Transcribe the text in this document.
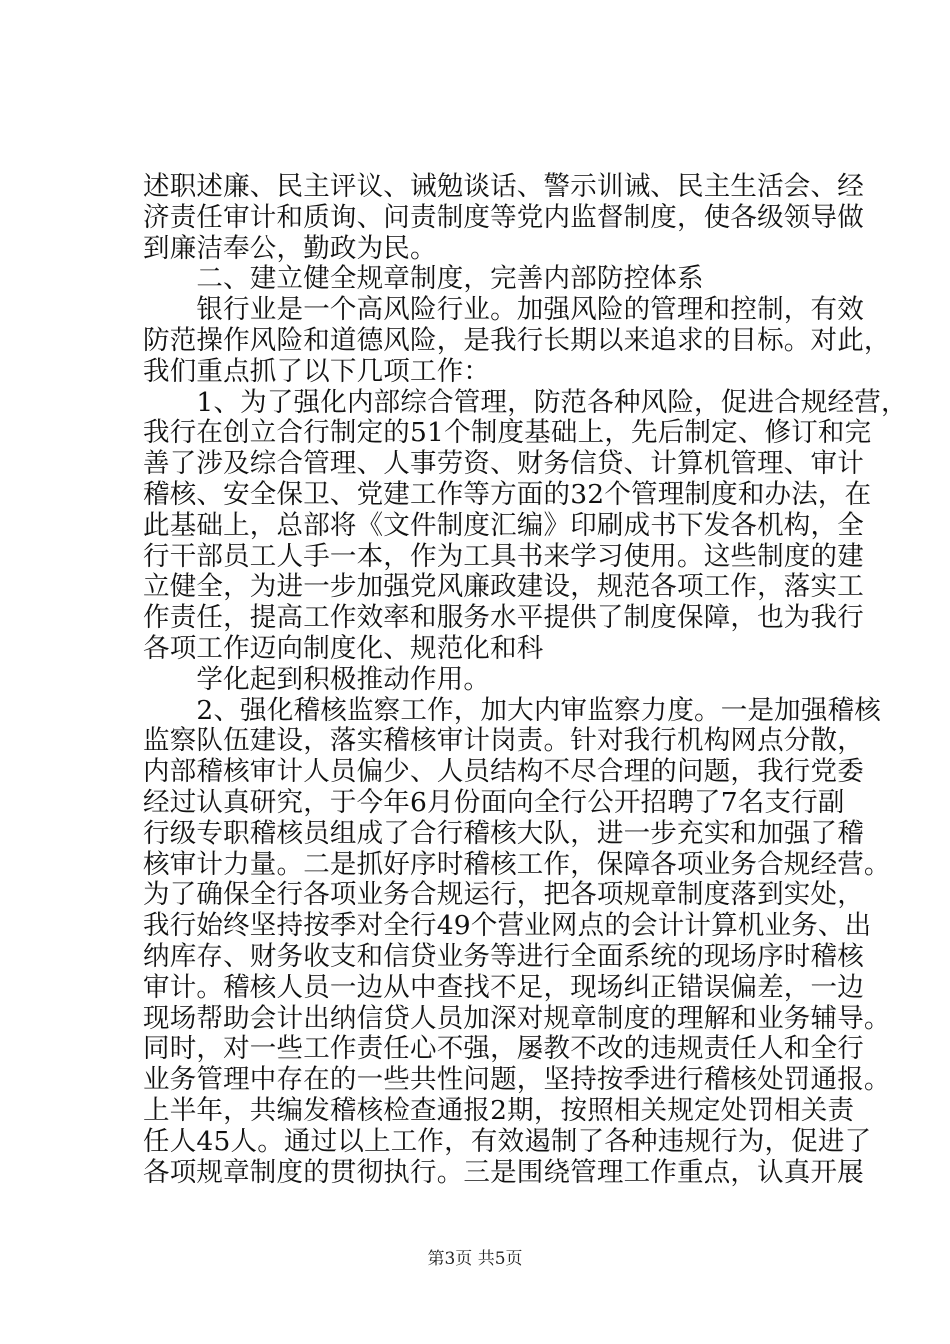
述职述廉、民主评议、诫勉谈话、警示训诫、民主生活会、经
济责任审计和质询、问责制度等党内监督制度，使各级领导做
到廉洁奉公，勤政为民。
　　二、建立健全规章制度，完善内部防控体系
　　银行业是一个高风险行业。加强风险的管理和控制，有效
防范操作风险和道德风险，是我行长期以来追求的目标。对此，
我们重点抓了以下几项工作：
　　1、为了强化内部综合管理，防范各种风险，促进合规经营，
我行在创立合行制定的51个制度基础上，先后制定、修订和完
善了涉及综合管理、人事劳资、财务信贷、计算机管理、审计
稽核、安全保卫、党建工作等方面的32个管理制度和办法，在
此基础上，总部将《文件制度汇编》印刷成书下发各机构，全
行干部员工人手一本，作为工具书来学习使用。这些制度的建
立健全，为进一步加强党风廉政建设，规范各项工作，落实工
作责任，提高工作效率和服务水平提供了制度保障，也为我行
各项工作迈向制度化、规范化和科
　　学化起到积极推动作用。
　　2、强化稽核监察工作，加大内审监察力度。一是加强稽核
监察队伍建设，落实稽核审计岗责。针对我行机构网点分散，
内部稽核审计人员偏少、人员结构不尽合理的问题，我行党委
经过认真研究，于今年6月份面向全行公开招聘了7名支行副
行级专职稽核员组成了合行稽核大队，进一步充实和加强了稽
核审计力量。二是抓好序时稽核工作，保障各项业务合规经营。
为了确保全行各项业务合规运行，把各项规章制度落到实处，
我行始终坚持按季对全行49个营业网点的会计计算机业务、出
纳库存、财务收支和信贷业务等进行全面系统的现场序时稽核
审计。稽核人员一边从中查找不足，现场纠正错误偏差，一边
现场帮助会计出纳信贷人员加深对规章制度的理解和业务辅导。
同时，对一些工作责任心不强，屡教不改的违规责任人和全行
业务管理中存在的一些共性问题，坚持按季进行稽核处罚通报。
上半年，共编发稽核检查通报2期，按照相关规定处罚相关责
任人45人。通过以上工作，有效遏制了各种违规行为，促进了
各项规章制度的贯彻执行。三是围绕管理工作重点，认真开展
第3页 共5页
